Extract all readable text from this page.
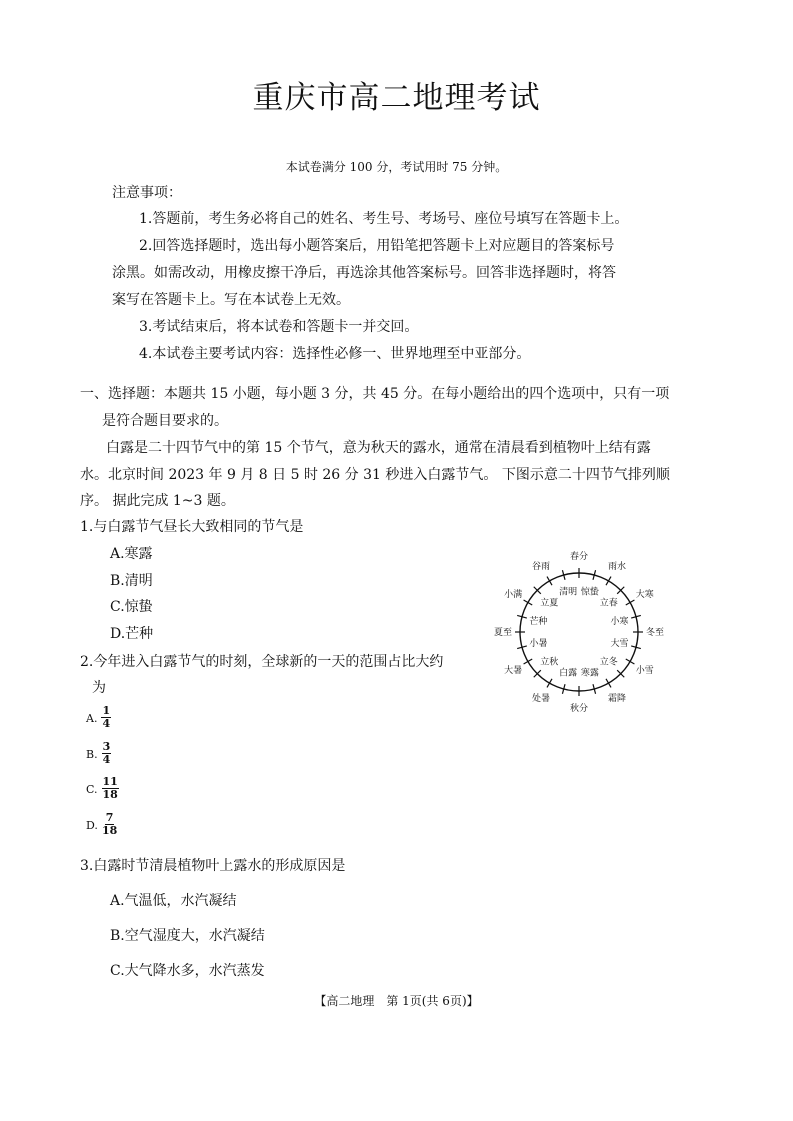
重庆市高二地理考试
本试卷满分 100 分，考试用时 75 分钟。
注意事项：
1.答题前，考生务必将自己的姓名、考生号、考场号、座位号填写在答题卡上。
2.回答选择题时，选出每小题答案后，用铅笔把答题卡上对应题目的答案标号
涂黑。如需改动，用橡皮擦干净后，再选涂其他答案标号。回答非选择题时，将答
案写在答题卡上。写在本试卷上无效。
3.考试结束后，将本试卷和答题卡一并交回。
4.本试卷主要考试内容：选择性必修一、世界地理至中亚部分。
一、选择题：本题共 15 小题，每小题 3 分，共 45 分。在每小题给出的四个选项中，只有一项
是符合题目要求的。
白露是二十四节气中的第 15 个节气，意为秋天的露水，通常在清晨看到植物叶上结有露
水。北京时间 2023 年 9 月 8 日 5 时 26 分 31 秒进入白露节气。 下图示意二十四节气排列顺
序。 据此完成 1~3 题。
1.与白露节气昼长大致相同的节气是
A.寒露
B.清明
C.惊蛰
D.芒种
2.今年进入白露节气的时刻，全球新的一天的范围占比大约
为
A. $\frac{1}{4}$
B. $\frac{3}{4}$
C. $\frac{11}{18}$
D. $\frac{7}{18}$
3.白露时节清晨植物叶上露水的形成原因是
A.气温低，水汽凝结
B.空气湿度大，水汽凝结
C.大气降水多，水汽蒸发
春分
雨水
大寒
冬至
小雪
霜降
秋分
处暑
大暑
夏至
小满
谷雨
惊蛰
立春
小寒
大雪
立冬
寒露
白露
立秋
小暑
芒种
立夏
清明
【高二地理　第 1页(共 6页)】
